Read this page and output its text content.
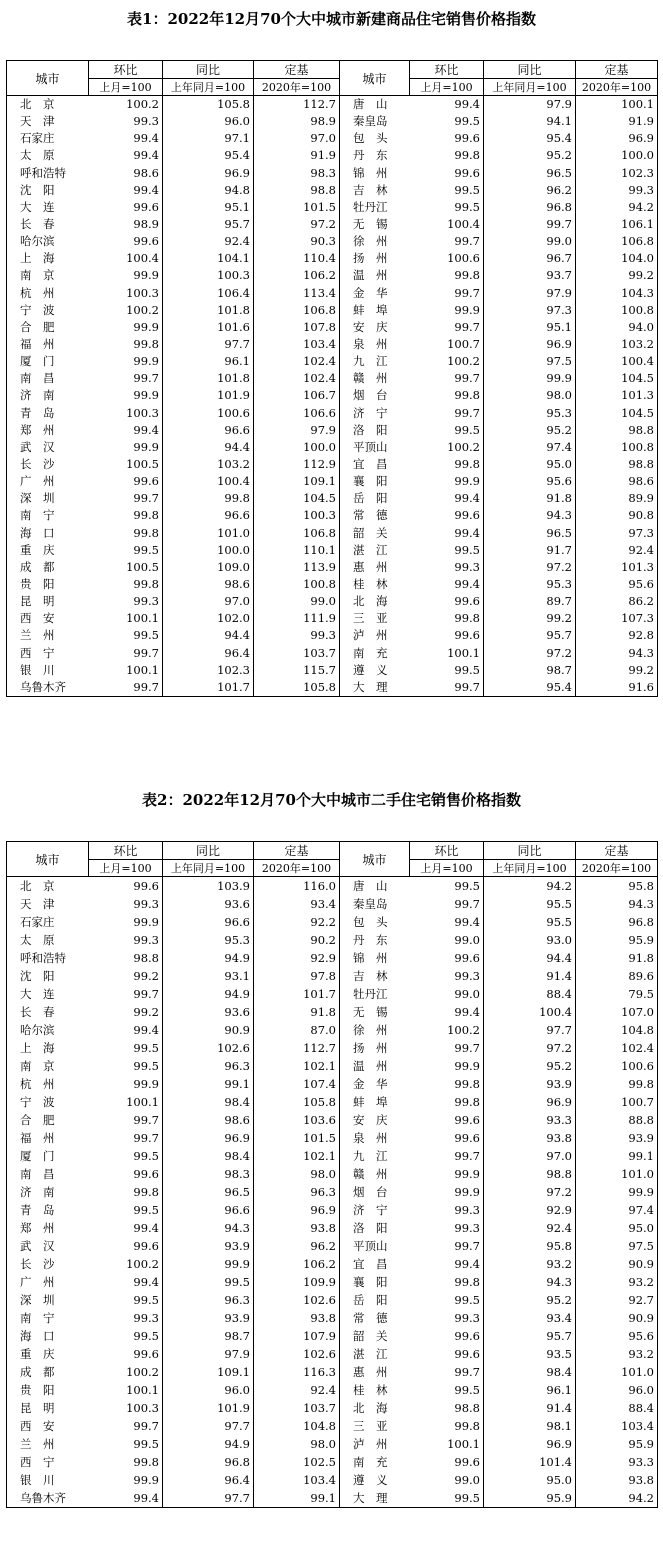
表1：2022年12月70个大中城市新建商品住宅销售价格指数
城市	环比	同比	定基	城市	环比	同比	定基
	上月=100	上年同月=100	2020年=100		上月=100	上年同月=100	2020年=100
北　京	100.2	105.8	112.7	唐　山	99.4	97.9	100.1
天　津	99.3	96.0	98.9	秦皇岛	99.5	94.1	91.9
石家庄	99.4	97.1	97.0	包　头	99.6	95.4	96.9
太　原	99.4	95.4	91.9	丹　东	99.8	95.2	100.0
呼和浩特	98.6	96.9	98.3	锦　州	99.6	96.5	102.3
沈　阳	99.4	94.8	98.8	吉　林	99.5	96.2	99.3
大　连	99.6	95.1	101.5	牡丹江	99.5	96.8	94.2
长　春	98.9	95.7	97.2	无　锡	100.4	99.7	106.1
哈尔滨	99.6	92.4	90.3	徐　州	99.7	99.0	106.8
上　海	100.4	104.1	110.4	扬　州	100.6	96.7	104.0
南　京	99.9	100.3	106.2	温　州	99.8	93.7	99.2
杭　州	100.3	106.4	113.4	金　华	99.7	97.9	104.3
宁　波	100.2	101.8	106.8	蚌　埠	99.9	97.3	100.8
合　肥	99.9	101.6	107.8	安　庆	99.7	95.1	94.0
福　州	99.8	97.7	103.4	泉　州	100.7	96.9	103.2
厦　门	99.9	96.1	102.4	九　江	100.2	97.5	100.4
南　昌	99.7	101.8	102.4	赣　州	99.7	99.9	104.5
济　南	99.9	101.9	106.7	烟　台	99.8	98.0	101.3
青　岛	100.3	100.6	106.6	济　宁	99.7	95.3	104.5
郑　州	99.4	96.6	97.9	洛　阳	99.5	95.2	98.8
武　汉	99.9	94.4	100.0	平顶山	100.2	97.4	100.8
长　沙	100.5	103.2	112.9	宜　昌	99.8	95.0	98.8
广　州	99.6	100.4	109.1	襄　阳	99.9	95.6	98.6
深　圳	99.7	99.8	104.5	岳　阳	99.4	91.8	89.9
南　宁	99.8	96.6	100.3	常　德	99.6	94.3	90.8
海　口	99.8	101.0	106.8	韶　关	99.4	96.5	97.3
重　庆	99.5	100.0	110.1	湛　江	99.5	91.7	92.4
成　都	100.5	109.0	113.9	惠　州	99.3	97.2	101.3
贵　阳	99.8	98.6	100.8	桂　林	99.4	95.3	95.6
昆　明	99.3	97.0	99.0	北　海	99.6	89.7	86.2
西　安	100.1	102.0	111.9	三　亚	99.8	99.2	107.3
兰　州	99.5	94.4	99.3	泸　州	99.6	95.7	92.8
西　宁	99.7	96.4	103.7	南　充	100.1	97.2	94.3
银　川	100.1	102.3	115.7	遵　义	99.5	98.7	99.2
乌鲁木齐	99.7	101.7	105.8	大　理	99.7	95.4	91.6
表2：2022年12月70个大中城市二手住宅销售价格指数
城市	环比	同比	定基	城市	环比	同比	定基
	上月=100	上年同月=100	2020年=100		上月=100	上年同月=100	2020年=100
北　京	99.6	103.9	116.0	唐　山	99.5	94.2	95.8
天　津	99.3	93.6	93.4	秦皇岛	99.7	95.5	94.3
石家庄	99.9	96.6	92.2	包　头	99.4	95.5	96.8
太　原	99.3	95.3	90.2	丹　东	99.0	93.0	95.9
呼和浩特	98.8	94.9	92.9	锦　州	99.6	94.4	91.8
沈　阳	99.2	93.1	97.8	吉　林	99.3	91.4	89.6
大　连	99.7	94.9	101.7	牡丹江	99.0	88.4	79.5
长　春	99.2	93.6	91.8	无　锡	99.4	100.4	107.0
哈尔滨	99.4	90.9	87.0	徐　州	100.2	97.7	104.8
上　海	99.5	102.6	112.7	扬　州	99.7	97.2	102.4
南　京	99.5	96.3	102.1	温　州	99.9	95.2	100.6
杭　州	99.9	99.1	107.4	金　华	99.8	93.9	99.8
宁　波	100.1	98.4	105.8	蚌　埠	99.8	96.9	100.7
合　肥	99.7	98.6	103.6	安　庆	99.6	93.3	88.8
福　州	99.7	96.9	101.5	泉　州	99.6	93.8	93.9
厦　门	99.5	98.4	102.1	九　江	99.7	97.0	99.1
南　昌	99.6	98.3	98.0	赣　州	99.9	98.8	101.0
济　南	99.8	96.5	96.3	烟　台	99.9	97.2	99.9
青　岛	99.5	96.6	96.9	济　宁	99.3	92.9	97.4
郑　州	99.4	94.3	93.8	洛　阳	99.3	92.4	95.0
武　汉	99.6	93.9	96.2	平顶山	99.7	95.8	97.5
长　沙	100.2	99.9	106.2	宜　昌	99.4	93.2	90.9
广　州	99.4	99.5	109.9	襄　阳	99.8	94.3	93.2
深　圳	99.5	96.3	102.6	岳　阳	99.5	95.2	92.7
南　宁	99.3	93.9	93.8	常　德	99.3	93.4	90.9
海　口	99.5	98.7	107.9	韶　关	99.6	95.7	95.6
重　庆	99.6	97.9	102.6	湛　江	99.6	93.5	93.2
成　都	100.2	109.1	116.3	惠　州	99.7	98.4	101.0
贵　阳	100.1	96.0	92.4	桂　林	99.5	96.1	96.0
昆　明	100.3	101.9	103.7	北　海	98.8	91.4	88.4
西　安	99.7	97.7	104.8	三　亚	99.8	98.1	103.4
兰　州	99.5	94.9	98.0	泸　州	100.1	96.9	95.9
西　宁	99.8	96.8	102.5	南　充	99.6	101.4	93.3
银　川	99.9	96.4	103.4	遵　义	99.0	95.0	93.8
乌鲁木齐	99.4	97.7	99.1	大　理	99.5	95.9	94.2
